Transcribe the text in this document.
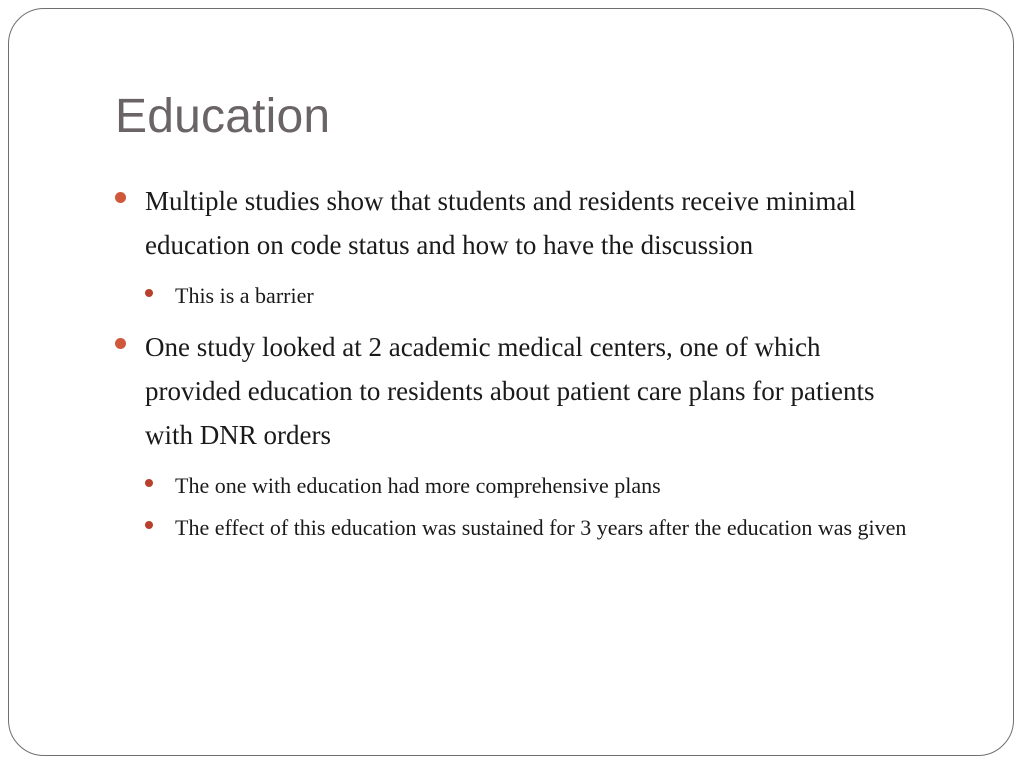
Education
Multiple studies show that students and residents receive minimal education on code status and how to have the discussion
This is a barrier
One study looked at 2 academic medical centers, one of which provided education to residents about patient care plans for patients with DNR orders
The one with education had more comprehensive plans
The effect of this education was sustained for 3 years after the education was given
